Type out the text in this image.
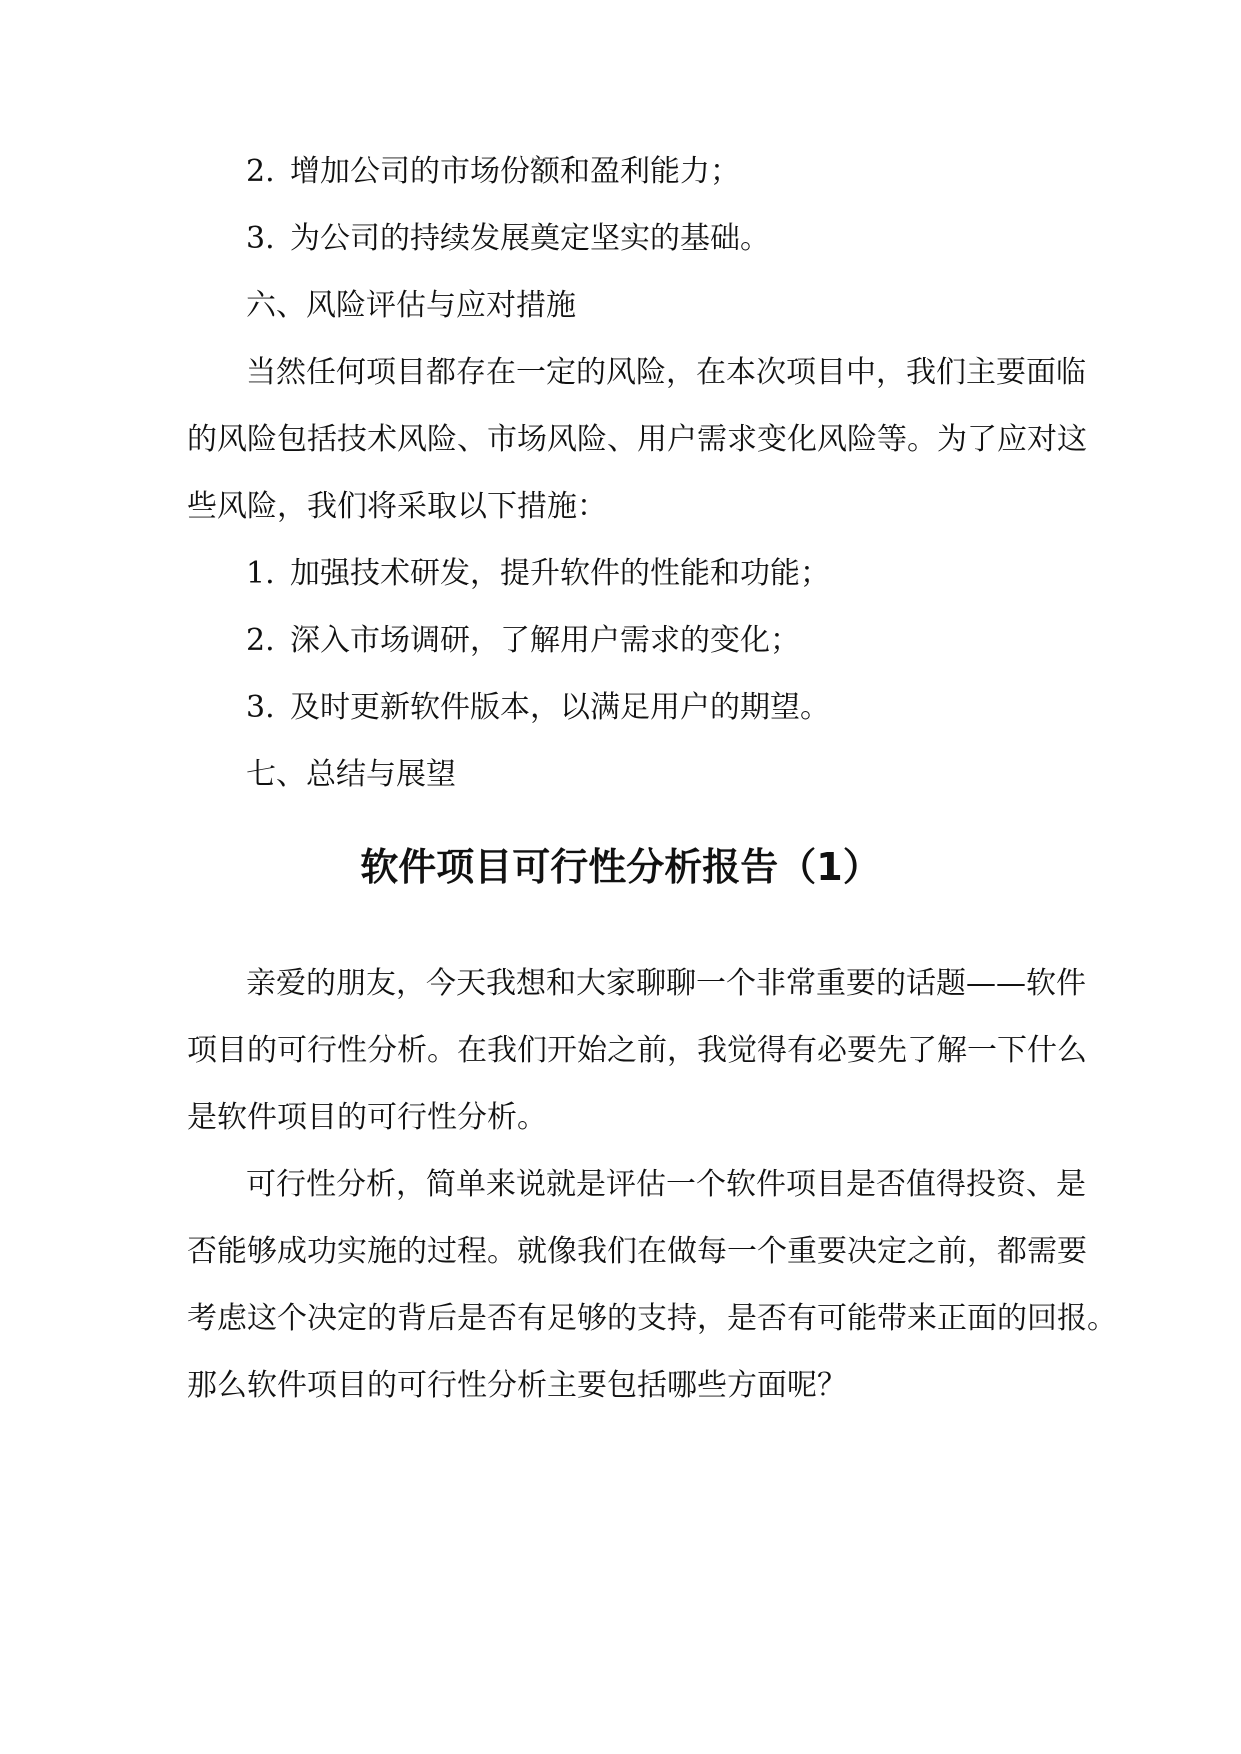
2. 增加公司的市场份额和盈利能力；
3. 为公司的持续发展奠定坚实的基础。
六、风险评估与应对措施
当然任何项目都存在一定的风险，在本次项目中，我们主要面临
的风险包括技术风险、市场风险、用户需求变化风险等。为了应对这
些风险，我们将采取以下措施：
1. 加强技术研发，提升软件的性能和功能；
2. 深入市场调研，了解用户需求的变化；
3. 及时更新软件版本，以满足用户的期望。
七、总结与展望
软件项目可行性分析报告（1）
亲爱的朋友，今天我想和大家聊聊一个非常重要的话题——软件
项目的可行性分析。在我们开始之前，我觉得有必要先了解一下什么
是软件项目的可行性分析。
可行性分析，简单来说就是评估一个软件项目是否值得投资、是
否能够成功实施的过程。就像我们在做每一个重要决定之前，都需要
考虑这个决定的背后是否有足够的支持，是否有可能带来正面的回报。
那么软件项目的可行性分析主要包括哪些方面呢？
